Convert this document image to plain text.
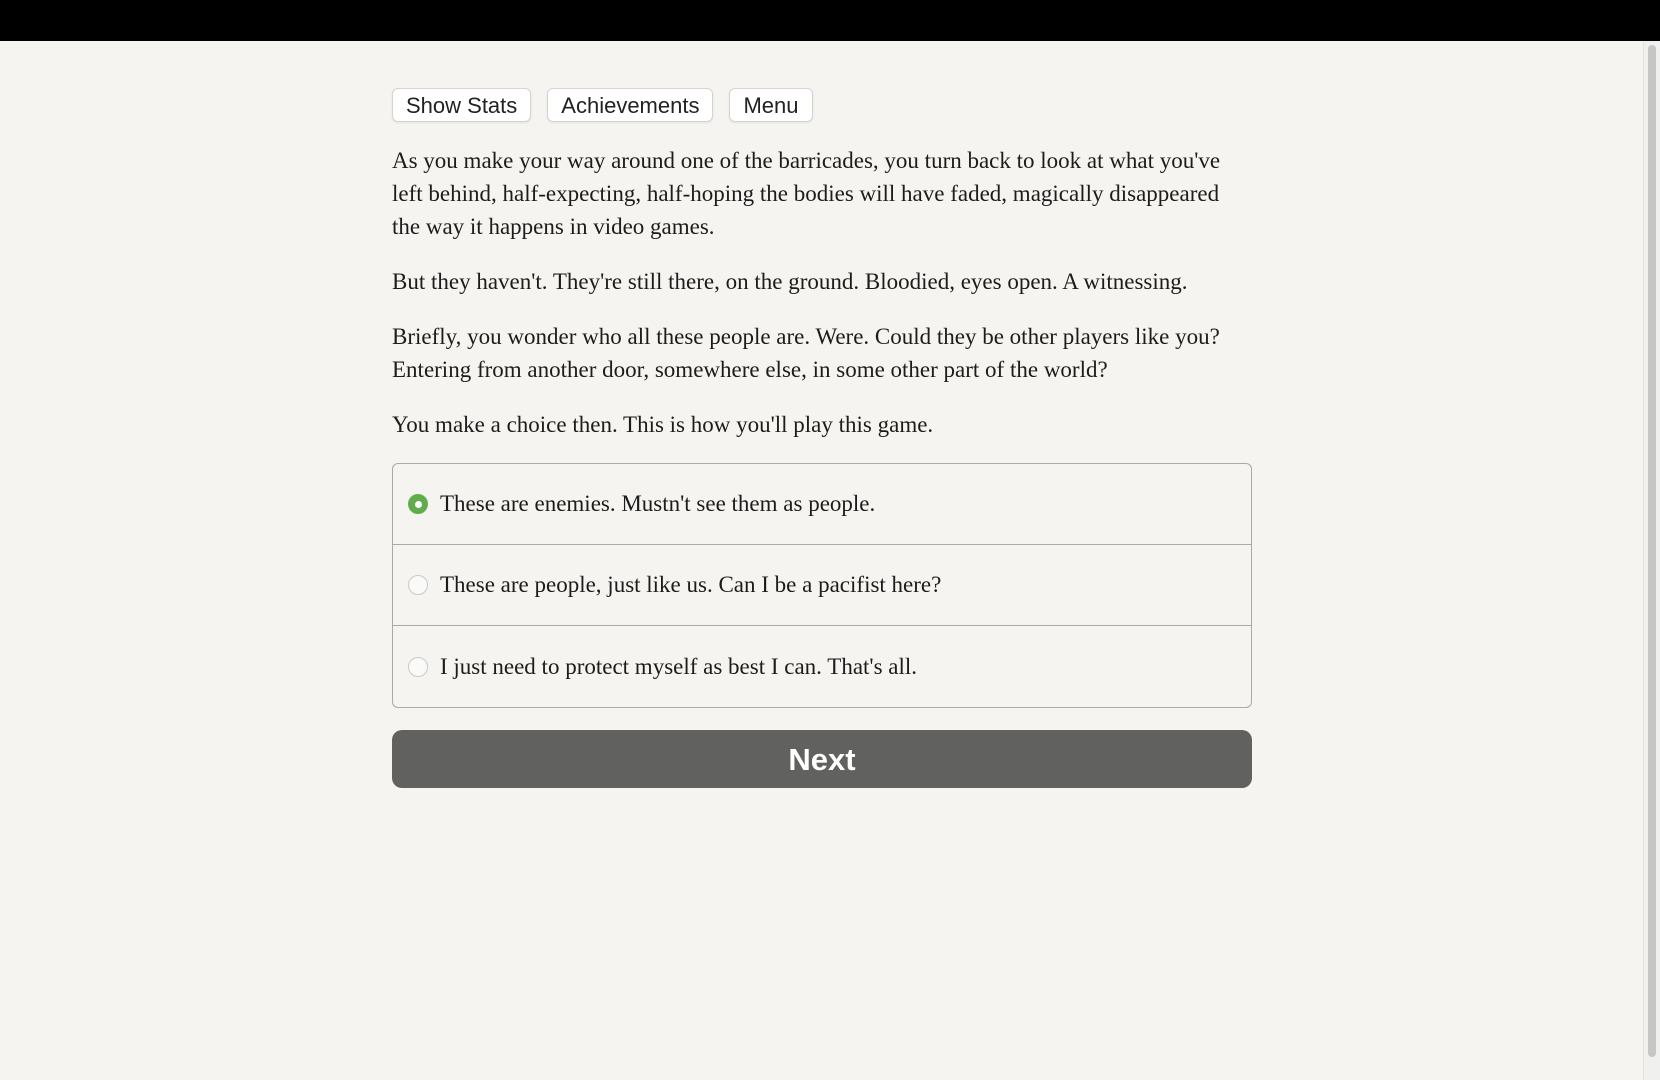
Show Stats	Achievements	Menu

As you make your way around one of the barricades, you turn back to look at what you've left behind, half-expecting, half-hoping the bodies will have faded, magically disappeared the way it happens in video games.

But they haven't. They're still there, on the ground. Bloodied, eyes open. A witnessing.

Briefly, you wonder who all these people are. Were. Could they be other players like you? Entering from another door, somewhere else, in some other part of the world?

You make a choice then. This is how you'll play this game.

These are enemies. Mustn't see them as people.
These are people, just like us. Can I be a pacifist here?
I just need to protect myself as best I can. That's all.
Next
